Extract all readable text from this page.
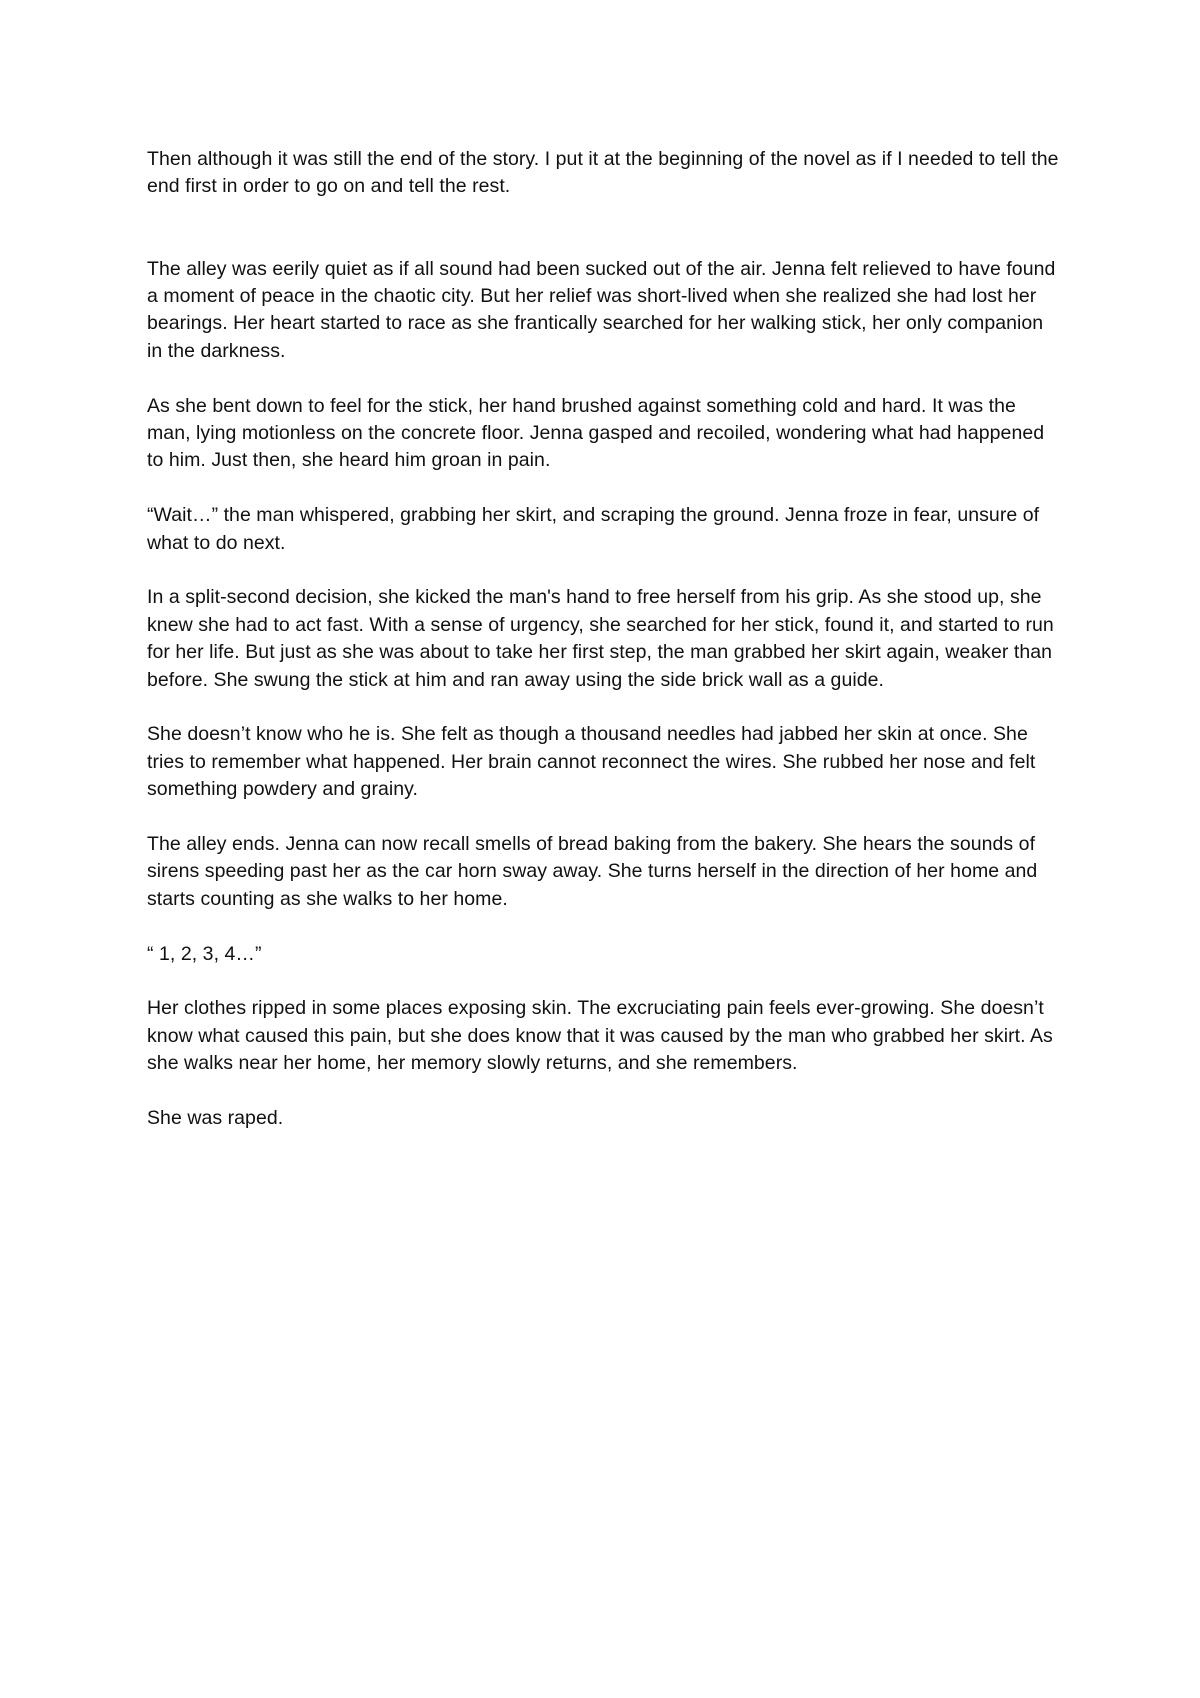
Then although it was still the end of the story. I put it at the beginning of the novel as if I needed to tell the end first in order to go on and tell the rest.

The alley was eerily quiet as if all sound had been sucked out of the air. Jenna felt relieved to have found a moment of peace in the chaotic city. But her relief was short-lived when she realized she had lost her bearings. Her heart started to race as she frantically searched for her walking stick, her only companion in the darkness.

As she bent down to feel for the stick, her hand brushed against something cold and hard. It was the man, lying motionless on the concrete floor. Jenna gasped and recoiled, wondering what had happened to him. Just then, she heard him groan in pain.

“Wait…” the man whispered, grabbing her skirt, and scraping the ground. Jenna froze in fear, unsure of what to do next.

In a split-second decision, she kicked the man's hand to free herself from his grip. As she stood up, she knew she had to act fast. With a sense of urgency, she searched for her stick, found it, and started to run for her life. But just as she was about to take her first step, the man grabbed her skirt again, weaker than before. She swung the stick at him and ran away using the side brick wall as a guide.

She doesn’t know who he is. She felt as though a thousand needles had jabbed her skin at once. She tries to remember what happened. Her brain cannot reconnect the wires. She rubbed her nose and felt something powdery and grainy.

The alley ends. Jenna can now recall smells of bread baking from the bakery. She hears the sounds of sirens speeding past her as the car horn sway away. She turns herself in the direction of her home and starts counting as she walks to her home.

“ 1, 2, 3, 4…”

Her clothes ripped in some places exposing skin. The excruciating pain feels ever-growing. She doesn’t know what caused this pain, but she does know that it was caused by the man who grabbed her skirt. As she walks near her home, her memory slowly returns, and she remembers.

She was raped.
